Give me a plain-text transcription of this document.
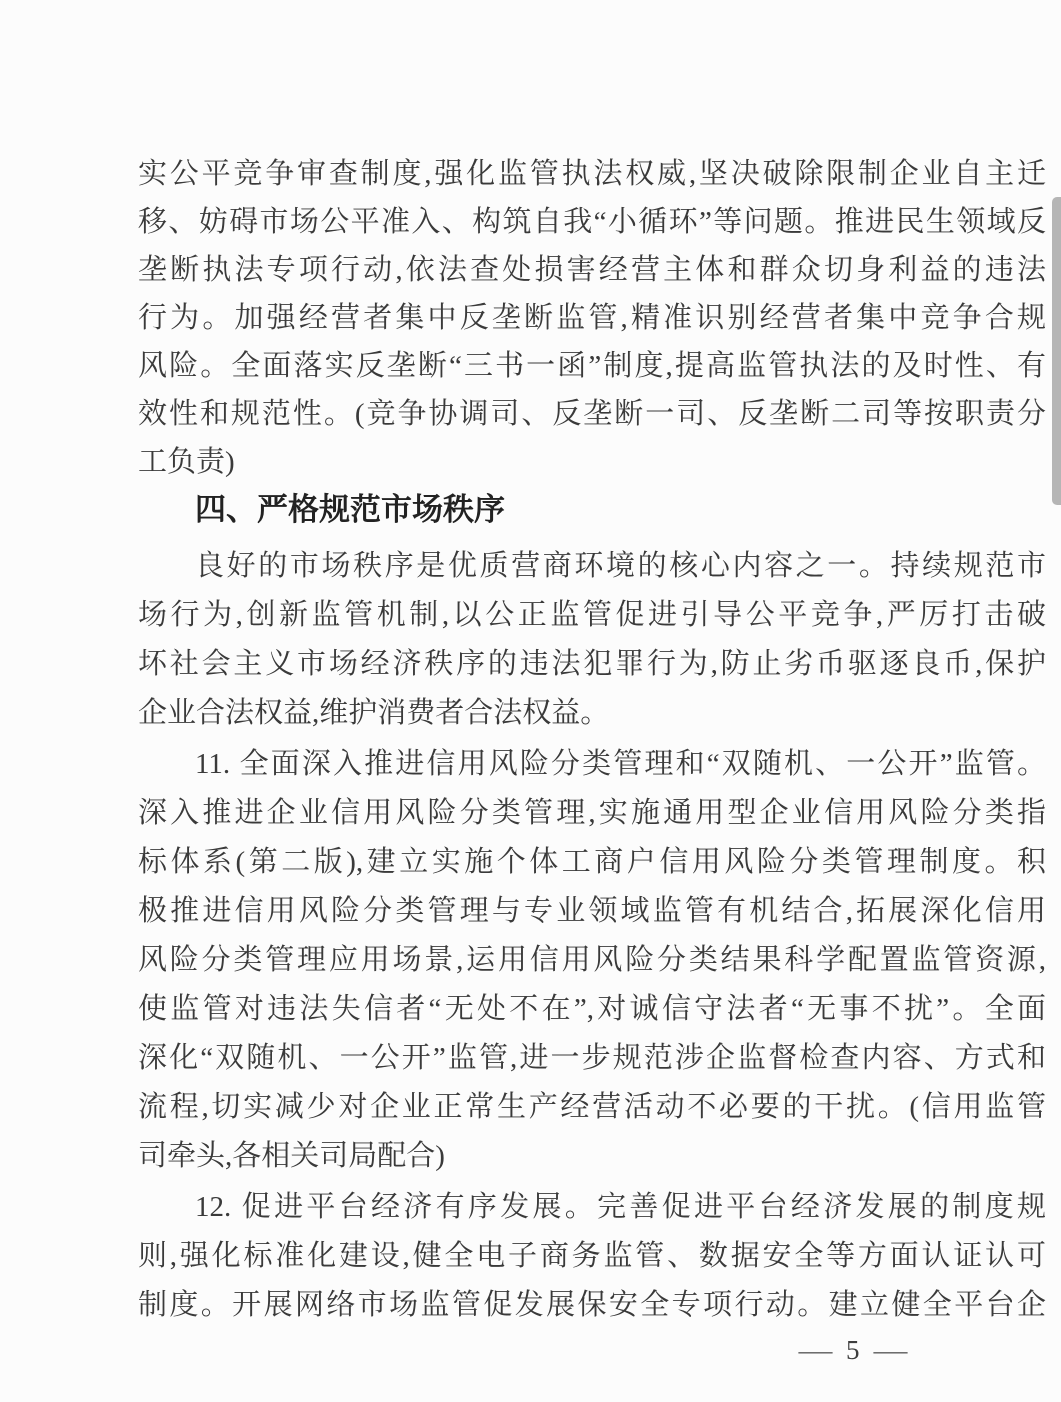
实公平竞争审查制度,强化监管执法权威,坚决破除限制企业自主迁
移、妨碍市场公平准入、构筑自我“小循环”等问题。推进民生领域反
垄断执法专项行动,依法查处损害经营主体和群众切身利益的违法
行为。加强经营者集中反垄断监管,精准识别经营者集中竞争合规
风险。全面落实反垄断“三书一函”制度,提高监管执法的及时性、有
效性和规范性。(竞争协调司、反垄断一司、反垄断二司等按职责分
工负责)
四、严格规范市场秩序
良好的市场秩序是优质营商环境的核心内容之一。持续规范市
场行为,创新监管机制,以公正监管促进引导公平竞争,严厉打击破
坏社会主义市场经济秩序的违法犯罪行为,防止劣币驱逐良币,保护
企业合法权益,维护消费者合法权益。
11. 全面深入推进信用风险分类管理和“双随机、一公开”监管。
深入推进企业信用风险分类管理,实施通用型企业信用风险分类指
标体系(第二版),建立实施个体工商户信用风险分类管理制度。积
极推进信用风险分类管理与专业领域监管有机结合,拓展深化信用
风险分类管理应用场景,运用信用风险分类结果科学配置监管资源,
使监管对违法失信者“无处不在”,对诚信守法者“无事不扰”。全面
深化“双随机、一公开”监管,进一步规范涉企监督检查内容、方式和
流程,切实减少对企业正常生产经营活动不必要的干扰。(信用监管
司牵头,各相关司局配合)
12. 促进平台经济有序发展。完善促进平台经济发展的制度规
则,强化标准化建设,健全电子商务监管、数据安全等方面认证认可
制度。开展网络市场监管促发展保安全专项行动。建立健全平台企
— 5 —
